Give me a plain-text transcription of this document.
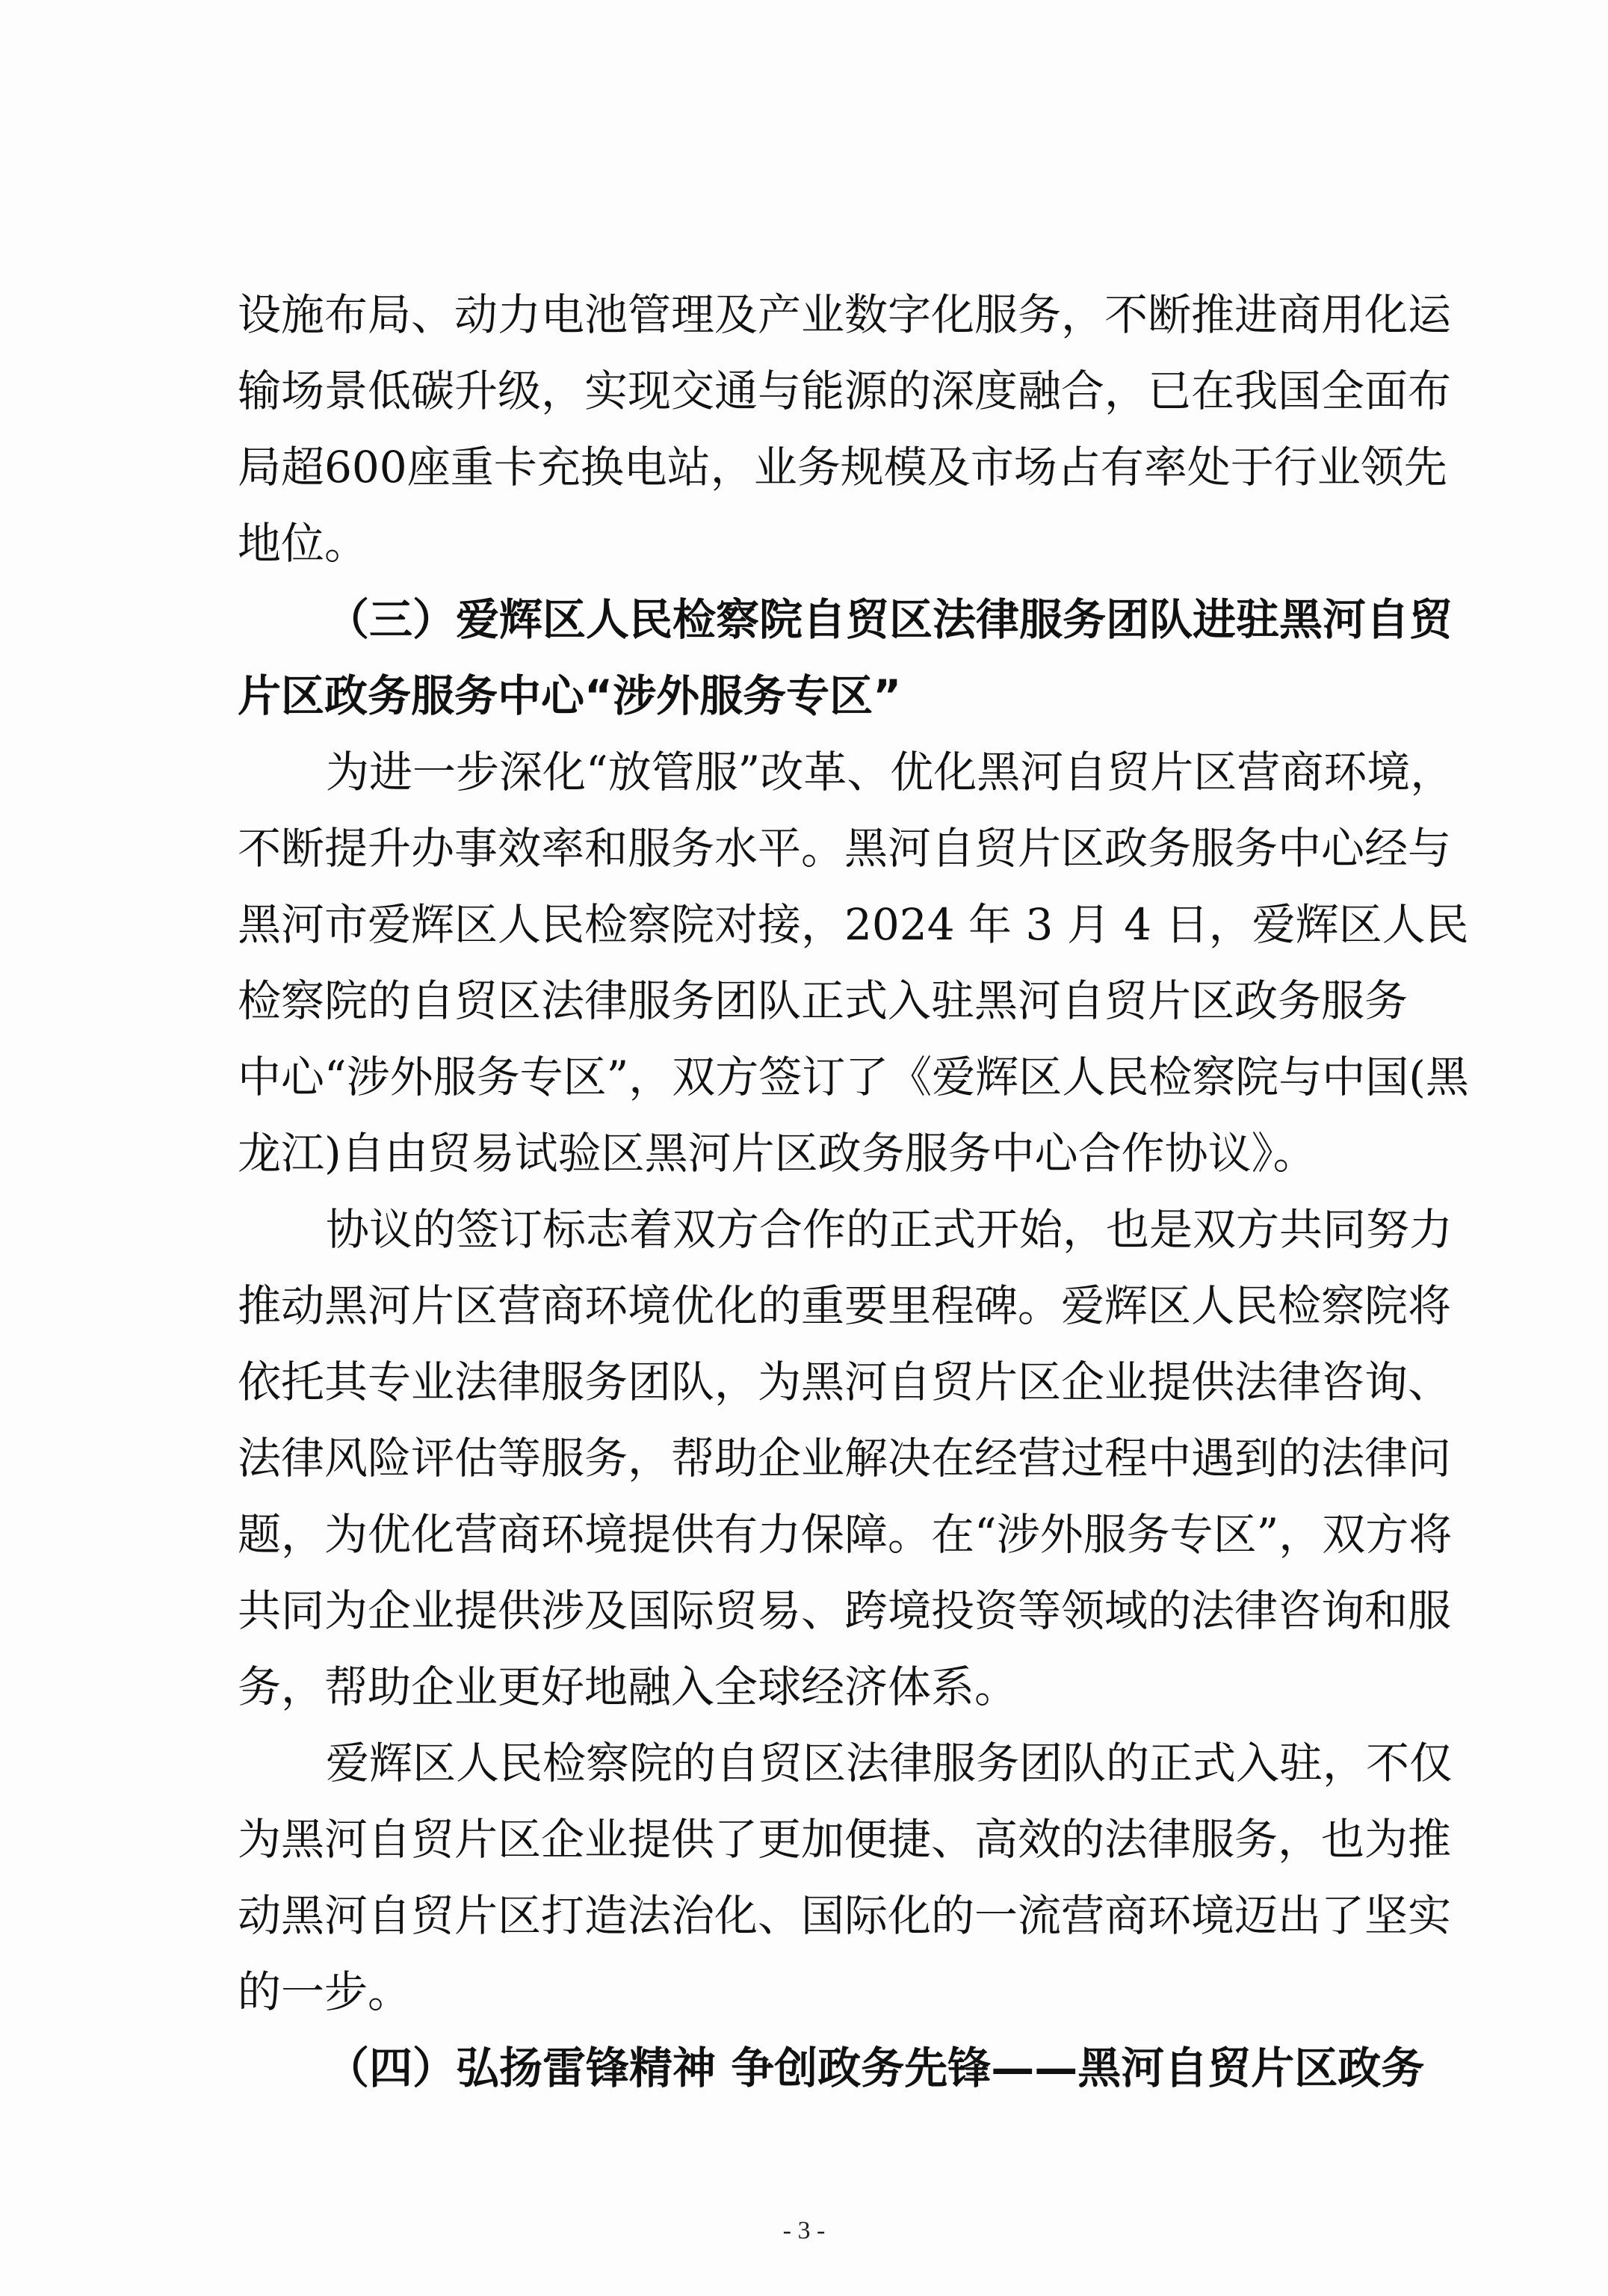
设施布局、动力电池管理及产业数字化服务，不断推进商用化运
输场景低碳升级，实现交通与能源的深度融合，已在我国全面布
局超600座重卡充换电站，业务规模及市场占有率处于行业领先
地位。
（三）爱辉区人民检察院自贸区法律服务团队进驻黑河自贸
片区政务服务中心“涉外服务专区”
为进一步深化“放管服”改革、优化黑河自贸片区营商环境，
不断提升办事效率和服务水平。黑河自贸片区政务服务中心经与
黑河市爱辉区人民检察院对接，2024 年 3 月 4 日，爱辉区人民
检察院的自贸区法律服务团队正式入驻黑河自贸片区政务服务
中心“涉外服务专区”，双方签订了《爱辉区人民检察院与中国(黑
龙江)自由贸易试验区黑河片区政务服务中心合作协议》。
协议的签订标志着双方合作的正式开始，也是双方共同努力
推动黑河片区营商环境优化的重要里程碑。爱辉区人民检察院将
依托其专业法律服务团队，为黑河自贸片区企业提供法律咨询、
法律风险评估等服务，帮助企业解决在经营过程中遇到的法律问
题，为优化营商环境提供有力保障。在“涉外服务专区”，双方将
共同为企业提供涉及国际贸易、跨境投资等领域的法律咨询和服
务，帮助企业更好地融入全球经济体系。
爱辉区人民检察院的自贸区法律服务团队的正式入驻，不仅
为黑河自贸片区企业提供了更加便捷、高效的法律服务，也为推
动黑河自贸片区打造法治化、国际化的一流营商环境迈出了坚实
的一步。
（四）弘扬雷锋精神 争创政务先锋——黑河自贸片区政务
- 3 -
